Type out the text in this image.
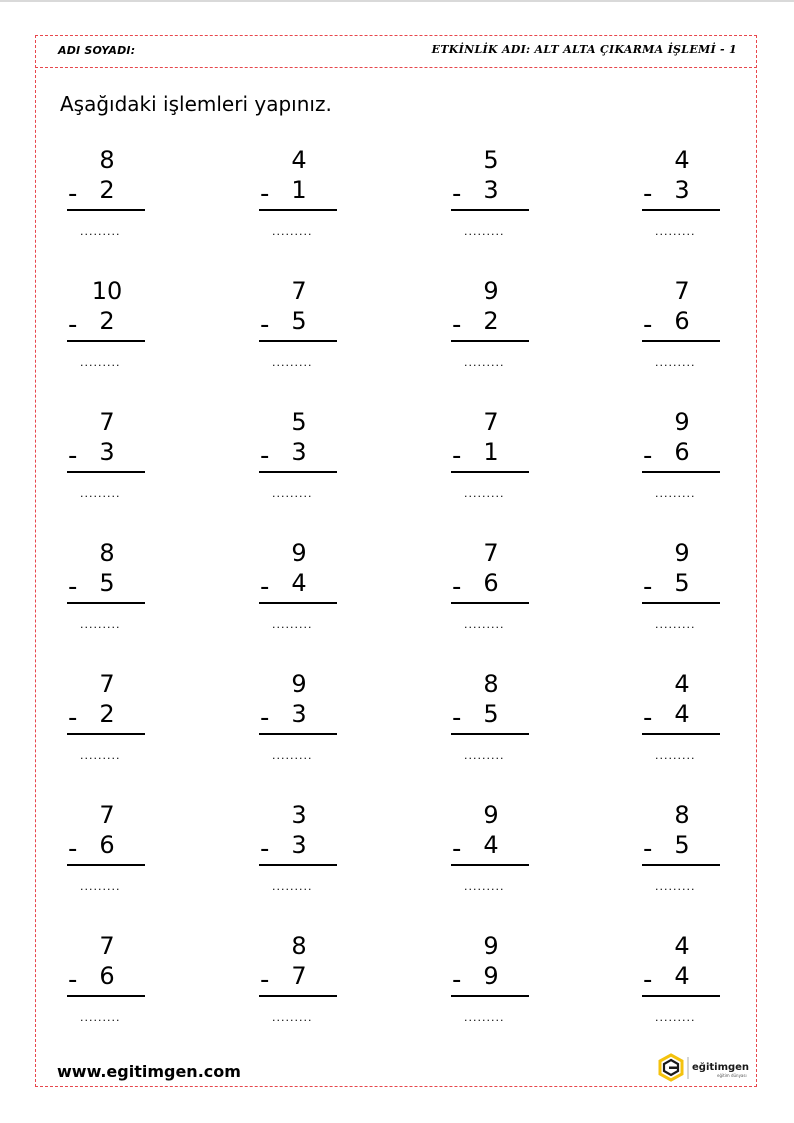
ADI SOYADI:	ETKİNLİK ADI: ALT ALTA ÇIKARMA İŞLEMİ - 1
Aşağıdaki işlemleri yapınız.
8
- 2
.........
4
- 1
.........
5
- 3
.........
4
- 3
.........
10
- 2
.........
7
- 5
.........
9
- 2
.........
7
- 6
.........
7
- 3
.........
5
- 3
.........
7
- 1
.........
9
- 6
.........
8
- 5
.........
9
- 4
.........
7
- 6
.........
9
- 5
.........
7
- 2
.........
9
- 3
.........
8
- 5
.........
4
- 4
.........
7
- 6
.........
3
- 3
.........
9
- 4
.........
8
- 5
.........
7
- 6
.........
8
- 7
.........
9
- 9
.........
4
- 4
.........
www.egitimgen.com	eğitimgen
eğitim dünyası
